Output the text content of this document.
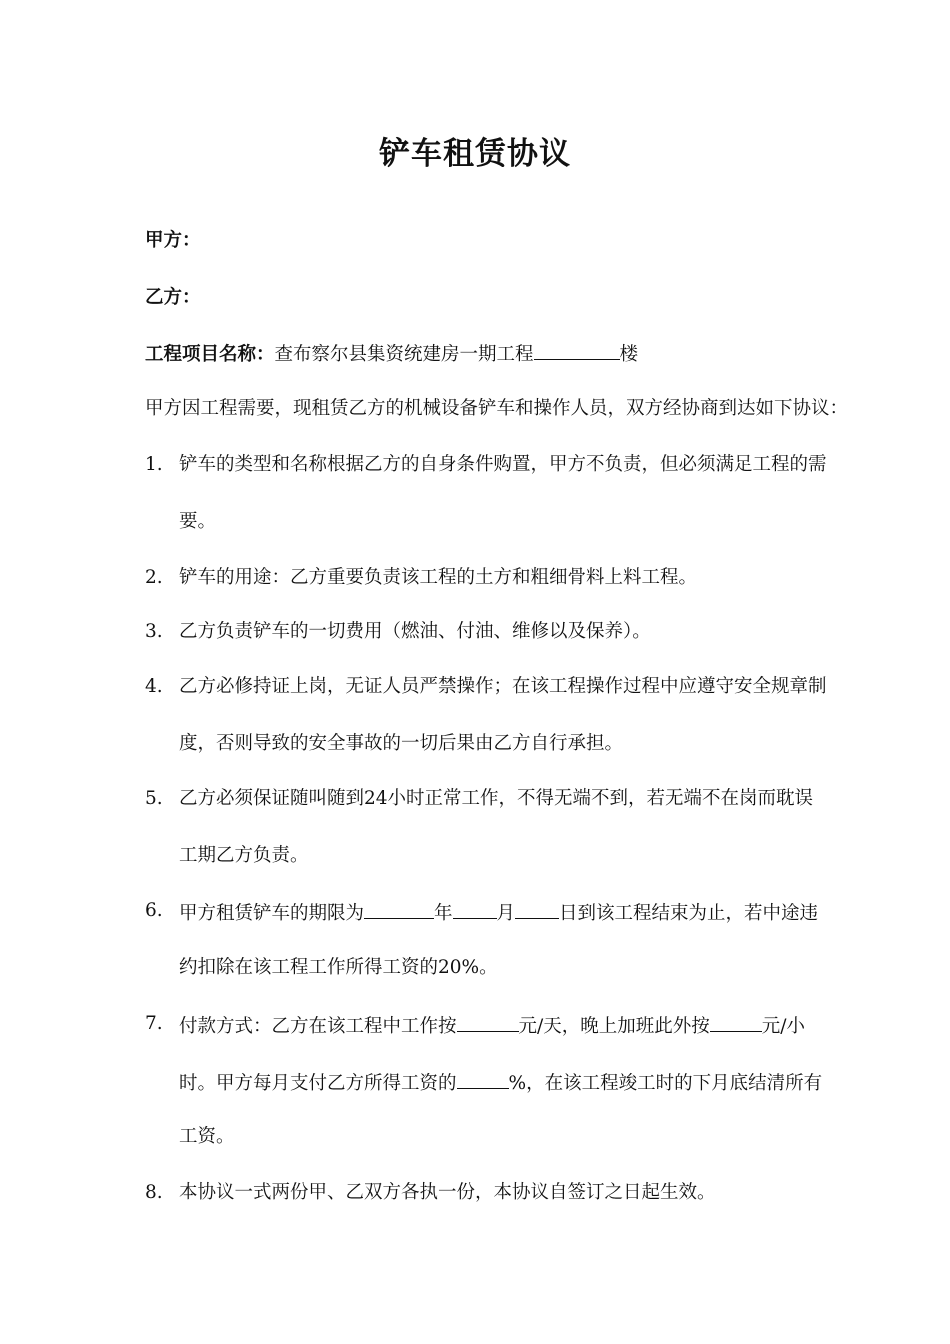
铲车租赁协议
甲方：
乙方：
工程项目名称：查布察尔县集资统建房一期工程	楼
甲方因工程需要，现租赁乙方的机械设备铲车和操作人员，双方经协商到达如下协议：
1. 铲车的类型和名称根据乙方的自身条件购置，甲方不负责，但必须满足工程的需
要。
2. 铲车的用途：乙方重要负责该工程的土方和粗细骨料上料工程。
3. 乙方负责铲车的一切费用（燃油、付油、维修以及保养）。
4. 乙方必修持证上岗，无证人员严禁操作；在该工程操作过程中应遵守安全规章制
度，否则导致的安全事故的一切后果由乙方自行承担。
5. 乙方必须保证随叫随到24小时正常工作，不得无端不到，若无端不在岗而耽误
工期乙方负责。
6. 甲方租赁铲车的期限为	年 月 日到该工程结束为止，若中途违
约扣除在该工程工作所得工资的20%。
7. 付款方式：乙方在该工程中工作按	元/天，晚上加班此外按	元/小
时。甲方每月支付乙方所得工资的	%，在该工程竣工时的下月底结清所有
工资。
8. 本协议一式两份甲、乙双方各执一份，本协议自签订之日起生效。
